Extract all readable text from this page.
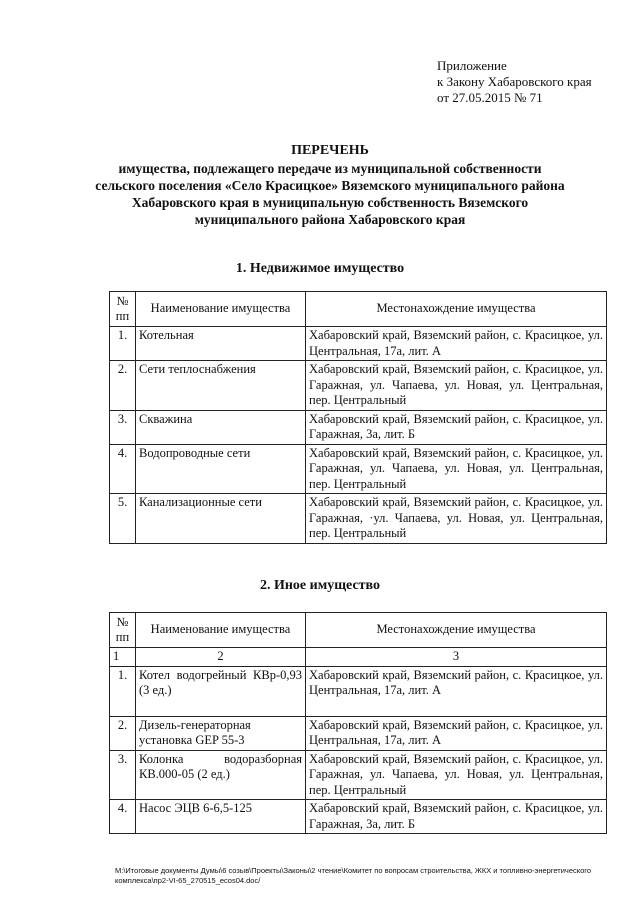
Приложение
к Закону Хабаровского края
от 27.05.2015 № 71
ПЕРЕЧЕНЬ
имущества, подлежащего передаче из муниципальной собственности
сельского поселения «Село Красицкое» Вяземского муниципального района
Хабаровского края в муниципальную собственность Вяземского
муниципального района Хабаровского края
1. Недвижимое имущество
№ пп	Наименование имущества	Местонахождение имущества
1.	Котельная	Хабаровский край, Вяземский район, с. Красицкое, ул. Центральная, 17а, лит. А
2.	Сети теплоснабжения	Хабаровский край, Вяземский район, с. Красицкое, ул. Гаражная, ул. Чапаева, ул. Новая, ул. Центральная, пер. Центральный
3.	Скважина	Хабаровский край, Вяземский район, с. Красицкое, ул. Гаражная, 3а, лит. Б
4.	Водопроводные сети	Хабаровский край, Вяземский район, с. Красицкое, ул. Гаражная, ул. Чапаева, ул. Новая, ул. Центральная, пер. Центральный
5.	Канализационные сети	Хабаровский край, Вяземский район, с. Красицкое, ул. Гаражная, ·ул. Чапаева, ул. Новая, ул. Центральная, пер. Центральный
2. Иное имущество
№ пп	Наименование имущества	Местонахождение имущества
1	2	3
1.	Котел водогрейный КВр-0,93 (3 ед.)	Хабаровский край, Вяземский район, с. Красицкое, ул. Центральная, 17а, лит. А
2.	Дизель-генераторная установка GEP 55-3	Хабаровский край, Вяземский район, с. Красицкое, ул. Центральная, 17а, лит. А
3.	Колонка водоразборная КВ.000-05 (2 ед.)	Хабаровский край, Вяземский район, с. Красицкое, ул. Гаражная, ул. Чапаева, ул. Новая, ул. Центральная, пер. Центральный
4.	Насос ЭЦВ 6-6,5-125	Хабаровский край, Вяземский район, с. Красицкое, ул. Гаражная, 3а, лит. Б
M:\Итоговые документы Думы\6 созыв\Проекты\Законы\2 чтение\Комитет по вопросам строительства, ЖКХ и топливно-энергетического комплекса\пр2-VI-65_270515_ecos04.doc/
